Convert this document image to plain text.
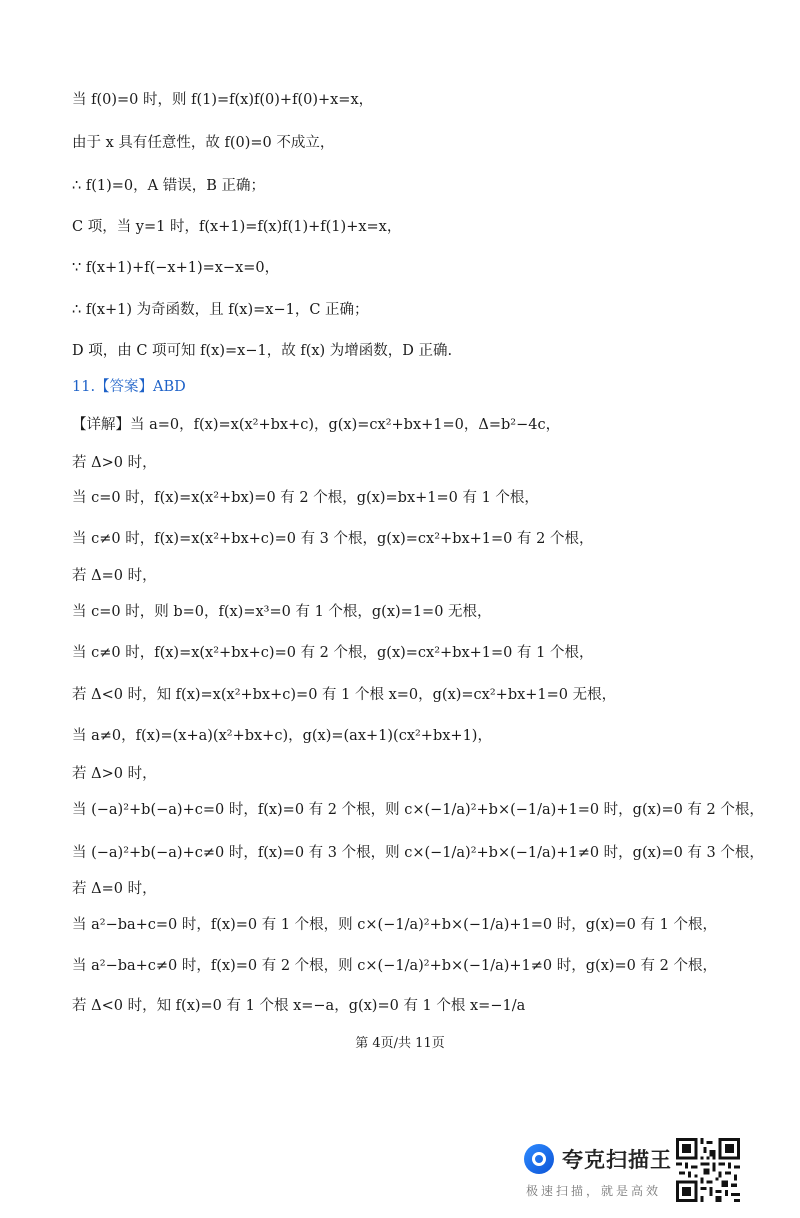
当 f(0)=0 时，则 f(1)=f(x)f(0)+f(0)+x=x，
由于 x 具有任意性，故 f(0)=0 不成立，
∴ f(1)=0，A 错误，B 正确；
C 项，当 y=1 时，f(x+1)=f(x)f(1)+f(1)+x=x，
∵ f(x+1)+f(−x+1)=x−x=0，
∴ f(x+1) 为奇函数，且 f(x)=x−1，C 正确；
D 项，由 C 项可知 f(x)=x−1，故 f(x) 为增函数，D 正确.
11.【答案】ABD
【详解】当 a=0，f(x)=x(x²+bx+c)，g(x)=cx²+bx+1=0，Δ=b²−4c，
若 Δ>0 时，
当 c=0 时，f(x)=x(x²+bx)=0 有 2 个根，g(x)=bx+1=0 有 1 个根，
当 c≠0 时，f(x)=x(x²+bx+c)=0 有 3 个根，g(x)=cx²+bx+1=0 有 2 个根，
若 Δ=0 时，
当 c=0 时，则 b=0，f(x)=x³=0 有 1 个根，g(x)=1=0 无根，
当 c≠0 时，f(x)=x(x²+bx+c)=0 有 2 个根，g(x)=cx²+bx+1=0 有 1 个根，
若 Δ<0 时，知 f(x)=x(x²+bx+c)=0 有 1 个根 x=0，g(x)=cx²+bx+1=0 无根，
当 a≠0，f(x)=(x+a)(x²+bx+c)，g(x)=(ax+1)(cx²+bx+1)，
若 Δ>0 时，
当 (−a)²+b(−a)+c=0 时，f(x)=0 有 2 个根，则 c×(−1/a)²+b×(−1/a)+1=0 时，g(x)=0 有 2 个根，
当 (−a)²+b(−a)+c≠0 时，f(x)=0 有 3 个根，则 c×(−1/a)²+b×(−1/a)+1≠0 时，g(x)=0 有 3 个根，
若 Δ=0 时，
当 a²−ba+c=0 时，f(x)=0 有 1 个根，则 c×(−1/a)²+b×(−1/a)+1=0 时，g(x)=0 有 1 个根，
当 a²−ba+c≠0 时，f(x)=0 有 2 个根，则 c×(−1/a)²+b×(−1/a)+1≠0 时，g(x)=0 有 2 个根，
若 Δ<0 时，知 f(x)=0 有 1 个根 x=−a，g(x)=0 有 1 个根 x=−1/a
第 4页/共 11页
夸克扫描王
极速扫描，就是高效
